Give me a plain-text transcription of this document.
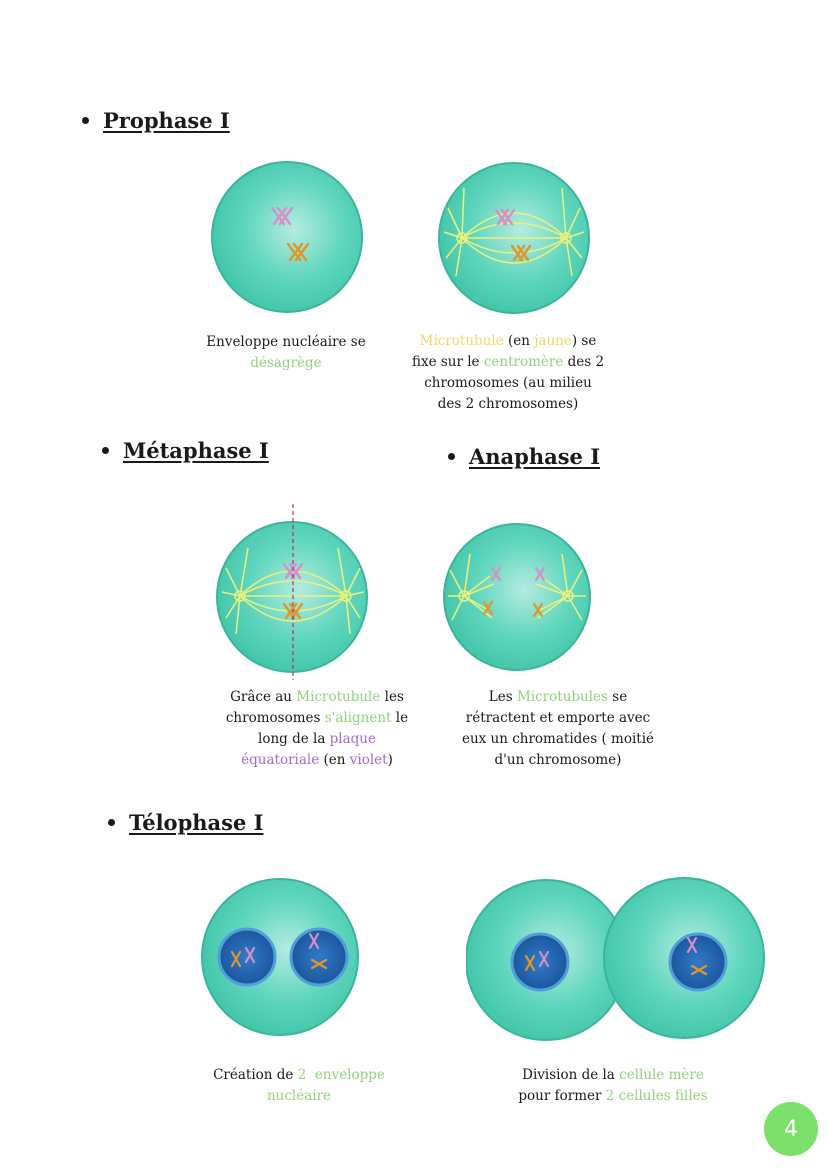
Prophase I
Enveloppe nucléaire se
désagrège
Microtubule (en jaune) se
fixe sur le centromère des 2
chromosomes (au milieu
des 2 chromosomes)
Métaphase I	Anaphase I
Grâce au Microtubule les
chromosomes s'alignent le
long de la plaque
équatoriale (en violet)
Les Microtubules se
rétractent et emporte avec
eux un chromatides ( moitié
d'un chromosome)
Télophase I
Création de 2  enveloppe
nucléaire
Division de la cellule mère
pour former 2 cellules filles
4
